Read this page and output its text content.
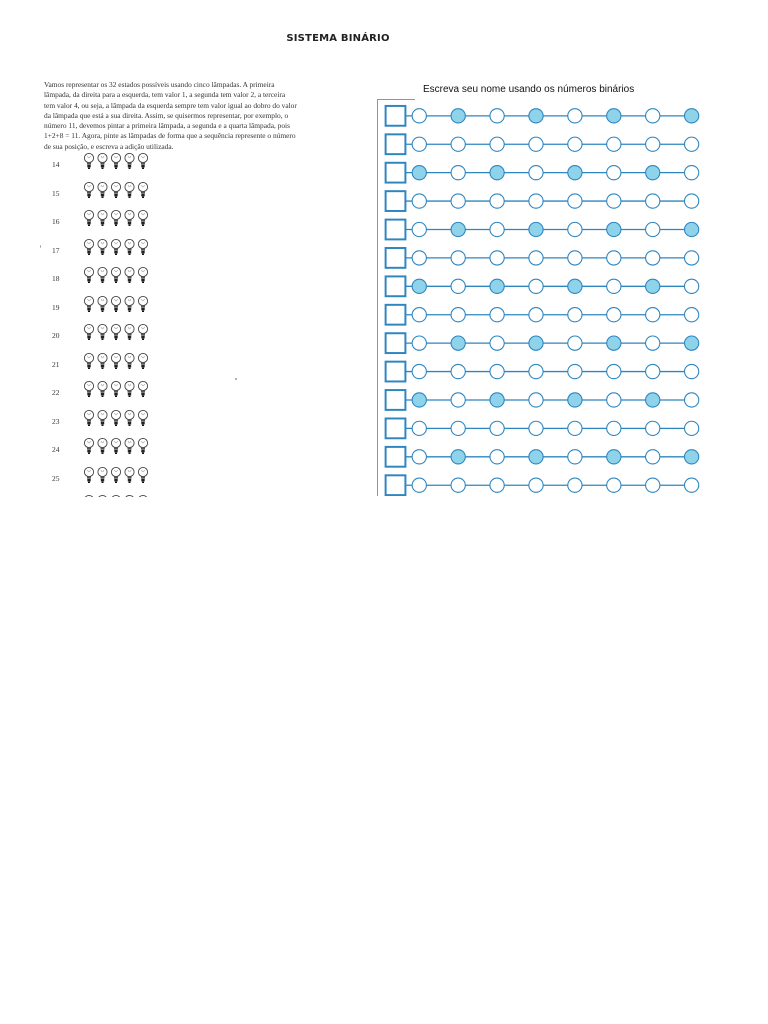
SISTEMA BINÁRIO
Vamos representar os 32 estados possíveis usando cinco lâmpadas. A primeira
lâmpada, da direita para a esquerda, tem valor 1, a segunda tem valor 2, a terceira
tem valor 4, ou seja, a lâmpada da esquerda sempre tem valor igual ao dobro do valor
da lâmpada que está a sua direita. Assim, se quisermos representar, por exemplo, o
número 11, devemos pintar a primeira lâmpada, a segunda e a quarta lâmpada, pois
1+2+8 = 11. Agora, pinte as lâmpadas de forma que a sequência represente o número
de sua posição, e escreva a adição utilizada.
14
15
16
17
18
19
20
21
22
23
24
25
Escreva seu nome usando os números binários
